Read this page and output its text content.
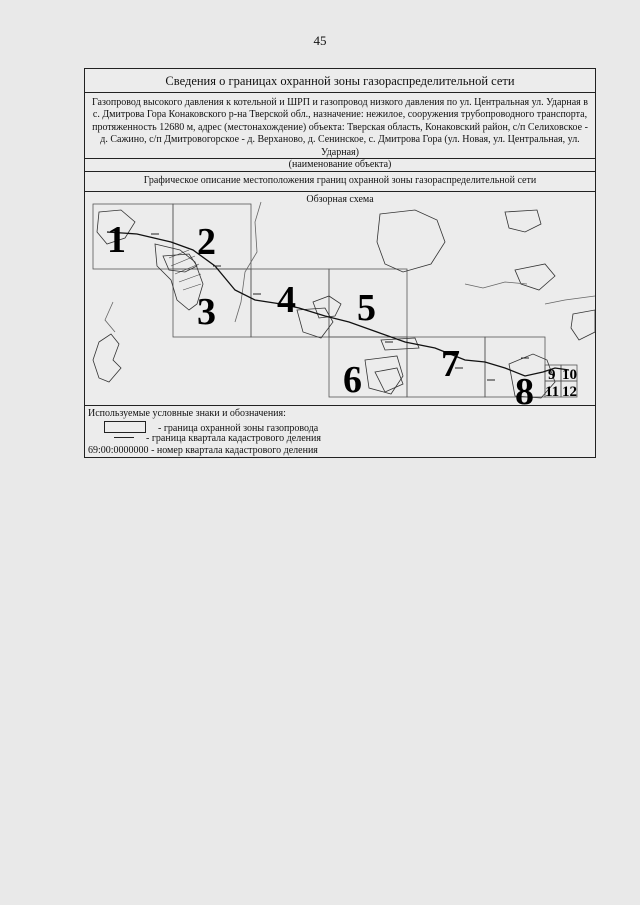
45
Сведения о границах охранной зоны газораспределительной сети
Газопровод высокого давления к котельной и ШРП и газопровод низкого давления по ул. Центральная ул. Ударная в с. Дмитрова Гора Конаковского р-на Тверской обл., назначение: нежилое, сооружения трубопроводного транспорта, протяженность 12680 м, адрес (местонахождение) объекта: Тверская область, Конаковский район, с/п Селиховское - д. Сажино, с/п Дмитровогорское - д. Верханово, д. Сенинское, с. Дмитрова Гора (ул. Новая, ул. Центральная, ул. Ударная)
(наименование объекта)
Графическое описание местоположения границ охранной зоны газораспределительной сети
Обзорная схема
1 2
3 4 5
6 7
8 9 10
11 12
Используемые условные знаки и обозначения:
- граница охранной зоны газопровода
- граница квартала кадастрового деления
69:00:0000000 - номер квартала кадастрового деления
